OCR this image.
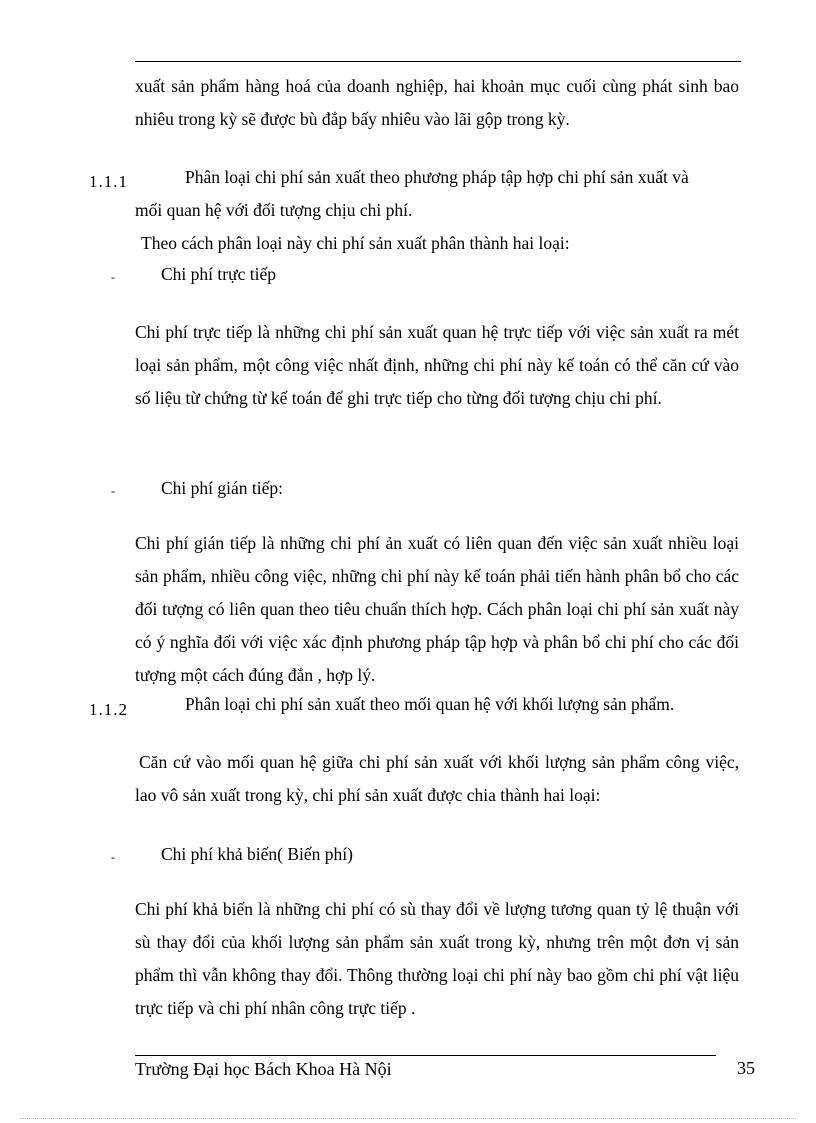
xuất sản phẩm hàng hoá của doanh nghiệp, hai khoản mục cuối cùng phát sinh bao nhiêu trong kỳ sẽ được bù đắp bấy nhiêu vào lãi gộp trong kỳ.
1.1.1	Phân loại chi phí sản xuất theo phương pháp tập hợp chi phí sản xuất và
mối quan hệ với đối tượng chịu chi phí.
Theo cách phân loại này chi phí sản xuất phân thành hai loại:
-	Chi phí trực tiếp
Chi phí trực tiếp là những chi phí sản xuất quan hệ trực tiếp với việc sản xuất ra mét loại sản phẩm, một công việc nhất định, những chi phí này kế toán có thể căn cứ vào số liệu từ chứng từ kế toán để ghi trực tiếp cho từng đối tượng chịu chi phí.
-	Chi phí gián tiếp:
Chi phí gián tiếp là những chi phí ản xuất có liên quan đến việc sản xuất nhiều loại sản phẩm, nhiều công việc, những chi phí này kế toán phải tiến hành phân bổ cho các đối tượng có liên quan theo tiêu chuẩn thích hợp. Cách phân loại chi phí sản xuất này có ý nghĩa đối với việc xác định phương pháp tập hợp và phân bổ chi phí cho các đối tượng một cách đúng đắn , hợp lý.
1.1.2	Phân loại chi phí sản xuất theo mối quan hệ với khối lượng sản phẩm.
Căn cứ vào mối quan hệ giữa chi phí sản xuất với khối lượng sản phẩm công việc, lao vô sản xuất trong kỳ, chi phí sản xuất được chia thành hai loại:
-	Chi phí khả biến( Biến phí)
Chi phí khả biến là những chi phí có sù thay đổi về lượng tương quan tỷ lệ thuận với sù thay đổi của khối lượng sản phẩm sản xuất trong kỳ, nhưng trên một đơn vị sản phẩm thì vẫn không thay đổi. Thông thường loại chi phí này bao gồm chi phí vật liệu trực tiếp và chi phí nhân công trực tiếp .
Trường Đại học Bách Khoa Hà Nội	35
